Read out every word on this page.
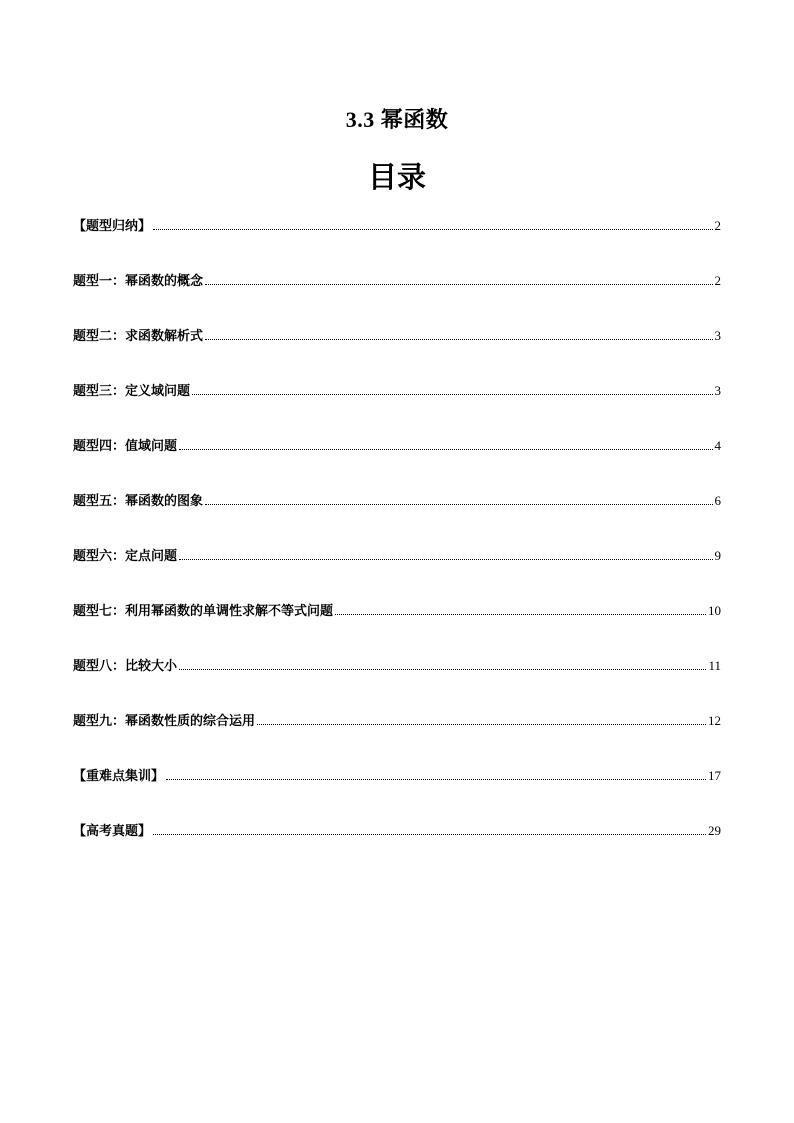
3.3 幂函数
目录
【题型归纳】	2
题型一：幂函数的概念	2
题型二：求函数解析式	3
题型三：定义域问题	3
题型四：值域问题	4
题型五：幂函数的图象	6
题型六：定点问题	9
题型七：利用幂函数的单调性求解不等式问题	10
题型八：比较大小	11
题型九：幂函数性质的综合运用	12
【重难点集训】	17
【高考真题】	29
